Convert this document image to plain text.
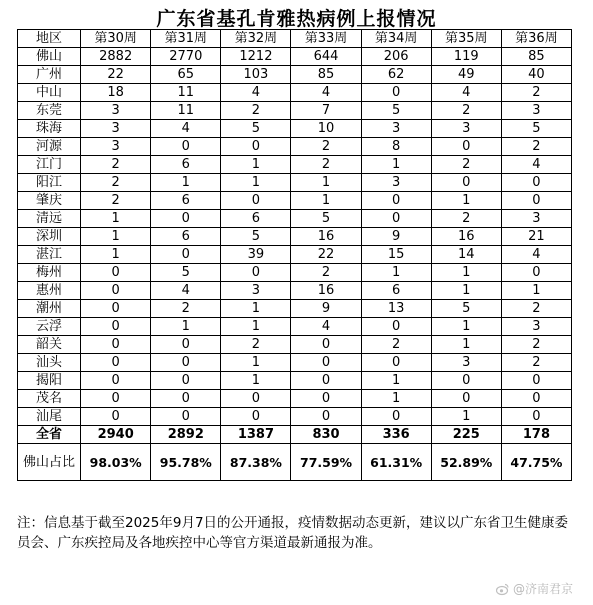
广东省基孔肯雅热病例上报情况
地区	第30周	第31周	第32周	第33周	第34周	第35周	第36周
佛山	2882	2770	1212	644	206	119	85
广州	22	65	103	85	62	49	40
中山	18	11	4	4	0	4	2
东莞	3	11	2	7	5	2	3
珠海	3	4	5	10	3	3	5
河源	3	0	0	2	8	0	2
江门	2	6	1	2	1	2	4
阳江	2	1	1	1	3	0	0
肇庆	2	6	0	1	0	1	0
清远	1	0	6	5	0	2	3
深圳	1	6	5	16	9	16	21
湛江	1	0	39	22	15	14	4
梅州	0	5	0	2	1	1	0
惠州	0	4	3	16	6	1	1
潮州	0	2	1	9	13	5	2
云浮	0	1	1	4	0	1	3
韶关	0	0	2	0	2	1	2
汕头	0	0	1	0	0	3	2
揭阳	0	0	1	0	1	0	0
茂名	0	0	0	0	1	0	0
汕尾	0	0	0	0	0	1	0
全省	2940	2892	1387	830	336	225	178
佛山占比	98.03%	95.78%	87.38%	77.59%	61.31%	52.89%	47.75%
注：信息基于截至2025年9月7日的公开通报，疫情数据动态更新，建议以广东省卫生健康委员会、广东疾控局及各地疾控中心等官方渠道最新通报为准。
@济南君京
